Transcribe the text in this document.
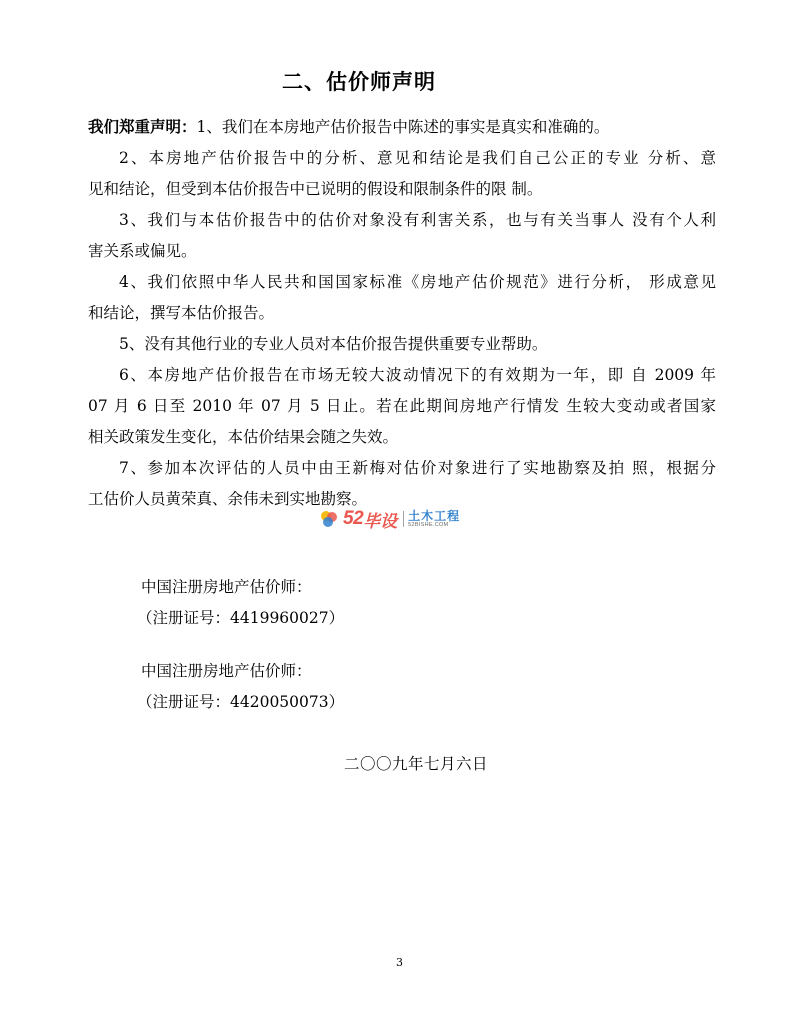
二、估价师声明
我们郑重声明：1、我们在本房地产估价报告中陈述的事实是真实和准确的。
2、本房地产估价报告中的分析、意见和结论是我们自己公正的专业 分析、意
见和结论，但受到本估价报告中已说明的假设和限制条件的限 制。
3、我们与本估价报告中的估价对象没有利害关系，也与有关当事人 没有个人利
害关系或偏见。
4、我们依照中华人民共和国国家标准《房地产估价规范》进行分析， 形成意见
和结论，撰写本估价报告。
5、没有其他行业的专业人员对本估价报告提供重要专业帮助。
6、本房地产估价报告在市场无较大波动情况下的有效期为一年，即 自 2009 年
07 月 6 日至 2010 年 07 月 5 日止。若在此期间房地产行情发 生较大变动或者国家
相关政策发生变化，本估价结果会随之失效。
7、参加本次评估的人员中由王新梅对估价对象进行了实地勘察及拍 照，根据分
工估价人员黄荣真、余伟未到实地勘察。
52 毕设 土木工程
52BISHE.COM
中国注册房地产估价师：
（注册证号：4419960027）
中国注册房地产估价师：
（注册证号：4420050073）
二〇〇九年七月六日
3
